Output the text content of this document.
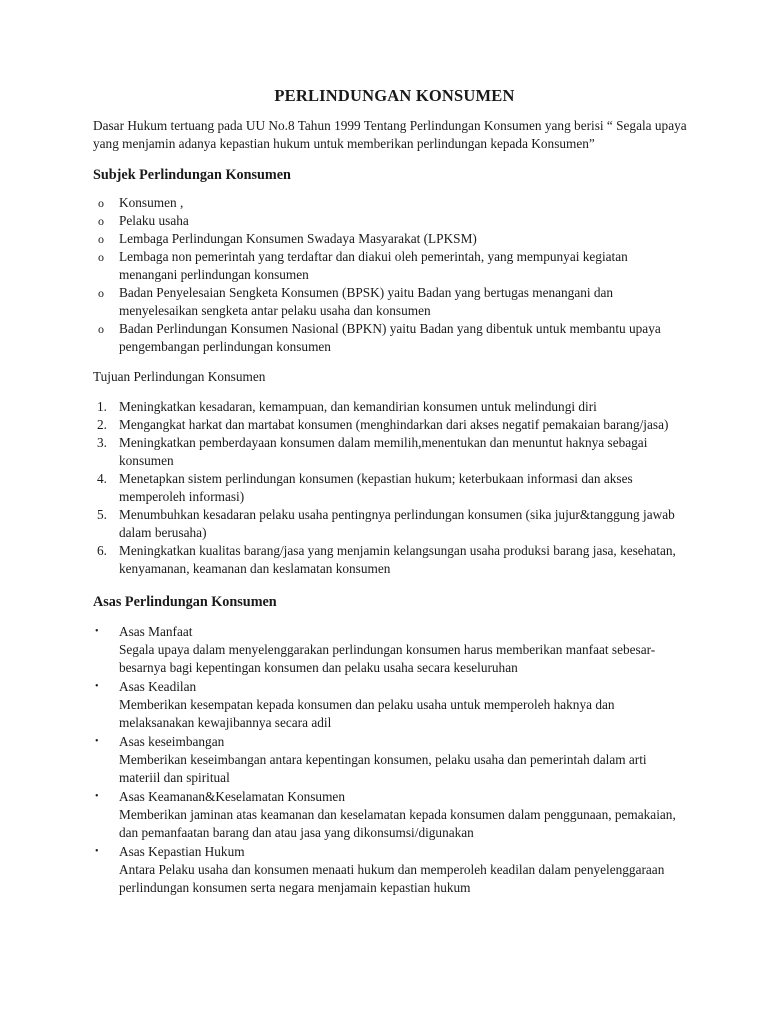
PERLINDUNGAN KONSUMEN

Dasar Hukum tertuang pada UU No.8 Tahun 1999 Tentang Perlindungan Konsumen yang berisi “ Segala upaya yang menjamin adanya kepastian hukum untuk memberikan perlindungan kepada Konsumen”

Subjek Perlindungan Konsumen
o Konsumen ,
o Pelaku usaha
o Lembaga Perlindungan Konsumen Swadaya Masyarakat (LPKSM)
o Lembaga non pemerintah yang terdaftar dan diakui oleh pemerintah, yang mempunyai kegiatan menangani perlindungan konsumen
o Badan Penyelesaian Sengketa Konsumen (BPSK) yaitu Badan yang bertugas menangani dan menyelesaikan sengketa antar pelaku usaha dan konsumen
o Badan Perlindungan Konsumen Nasional (BPKN) yaitu Badan yang dibentuk untuk membantu upaya pengembangan perlindungan konsumen

Tujuan Perlindungan Konsumen

1. Meningkatkan kesadaran, kemampuan, dan kemandirian konsumen untuk melindungi diri
2. Mengangkat harkat dan martabat konsumen (menghindarkan dari akses negatif pemakaian barang/jasa)
3. Meningkatkan pemberdayaan konsumen dalam memilih,menentukan dan menuntut haknya sebagai konsumen
4. Menetapkan sistem perlindungan konsumen (kepastian hukum; keterbukaan informasi dan akses memperoleh informasi)
5. Menumbuhkan kesadaran pelaku usaha pentingnya perlindungan konsumen (sika jujur&tanggung jawab dalam berusaha)
6. Meningkatkan kualitas barang/jasa yang menjamin kelangsungan usaha produksi barang jasa, kesehatan, kenyamanan, keamanan dan keslamatan konsumen
Asas Perlindungan Konsumen
• Asas Manfaat
Segala upaya dalam menyelenggarakan perlindungan konsumen harus memberikan manfaat sebesar-besarnya bagi kepentingan konsumen dan pelaku usaha secara keseluruhan
• Asas Keadilan
Memberikan kesempatan kepada konsumen dan pelaku usaha untuk memperoleh haknya dan melaksanakan kewajibannya secara adil
• Asas keseimbangan
Memberikan keseimbangan antara kepentingan konsumen, pelaku usaha dan pemerintah dalam arti materiil dan spiritual
• Asas Keamanan&Keselamatan Konsumen
Memberikan jaminan atas keamanan dan keselamatan kepada konsumen dalam penggunaan, pemakaian, dan pemanfaatan barang dan atau jasa yang dikonsumsi/digunakan
• Asas Kepastian Hukum
Antara Pelaku usaha dan konsumen menaati hukum dan memperoleh keadilan dalam penyelenggaraan perlindungan konsumen serta negara menjamain kepastian hukum
